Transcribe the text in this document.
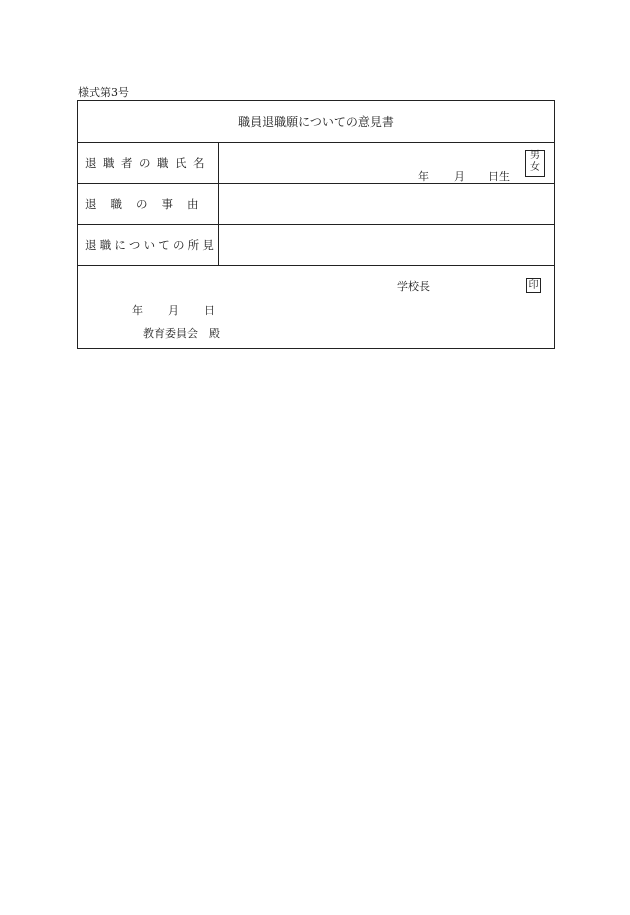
様式第3号
職員退職願についての意見書
退職者の職氏名
年 月 日生
男
女
退職の事由
退職についての所見
学校長	印
年 月 日
教育委員会　殿
